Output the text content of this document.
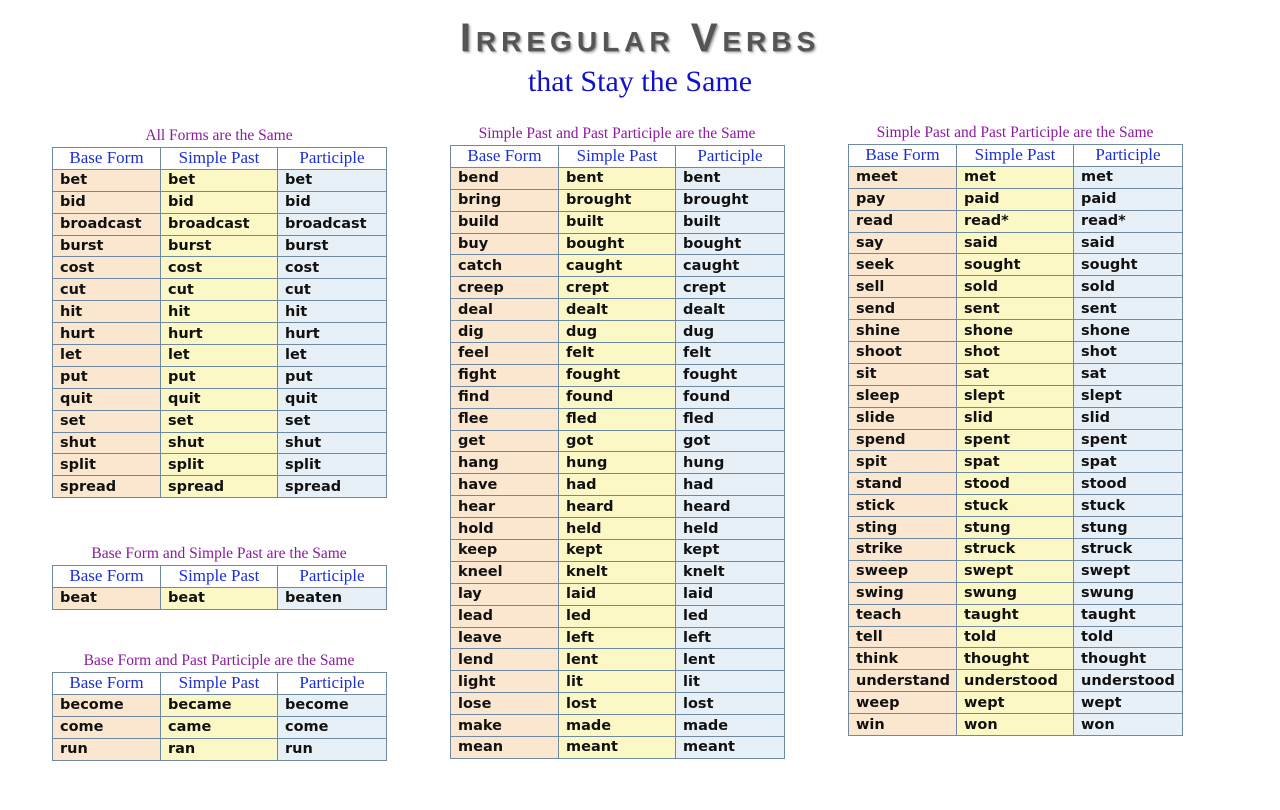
Irregular Verbs
that Stay the Same
All Forms are the Same
Base Form	Simple Past	Participle
bet	bet	bet
bid	bid	bid
broadcast	broadcast	broadcast
burst	burst	burst
cost	cost	cost
cut	cut	cut
hit	hit	hit
hurt	hurt	hurt
let	let	let
put	put	put
quit	quit	quit
set	set	set
shut	shut	shut
split	split	split
spread	spread	spread
Base Form and Simple Past are the Same
Base Form	Simple Past	Participle
beat	beat	beaten
Base Form and Past Participle are the Same
Base Form	Simple Past	Participle
become	became	become
come	came	come
run	ran	run
Simple Past and Past Participle are the Same
Base Form	Simple Past	Participle
bend	bent	bent
bring	brought	brought
build	built	built
buy	bought	bought
catch	caught	caught
creep	crept	crept
deal	dealt	dealt
dig	dug	dug
feel	felt	felt
fight	fought	fought
find	found	found
flee	fled	fled
get	got	got
hang	hung	hung
have	had	had
hear	heard	heard
hold	held	held
keep	kept	kept
kneel	knelt	knelt
lay	laid	laid
lead	led	led
leave	left	left
lend	lent	lent
light	lit	lit
lose	lost	lost
make	made	made
mean	meant	meant
Simple Past and Past Participle are the Same
Base Form	Simple Past	Participle
meet	met	met
pay	paid	paid
read	read*	read*
say	said	said
seek	sought	sought
sell	sold	sold
send	sent	sent
shine	shone	shone
shoot	shot	shot
sit	sat	sat
sleep	slept	slept
slide	slid	slid
spend	spent	spent
spit	spat	spat
stand	stood	stood
stick	stuck	stuck
sting	stung	stung
strike	struck	struck
sweep	swept	swept
swing	swung	swung
teach	taught	taught
tell	told	told
think	thought	thought
understand	understood	understood
weep	wept	wept
win	won	won
